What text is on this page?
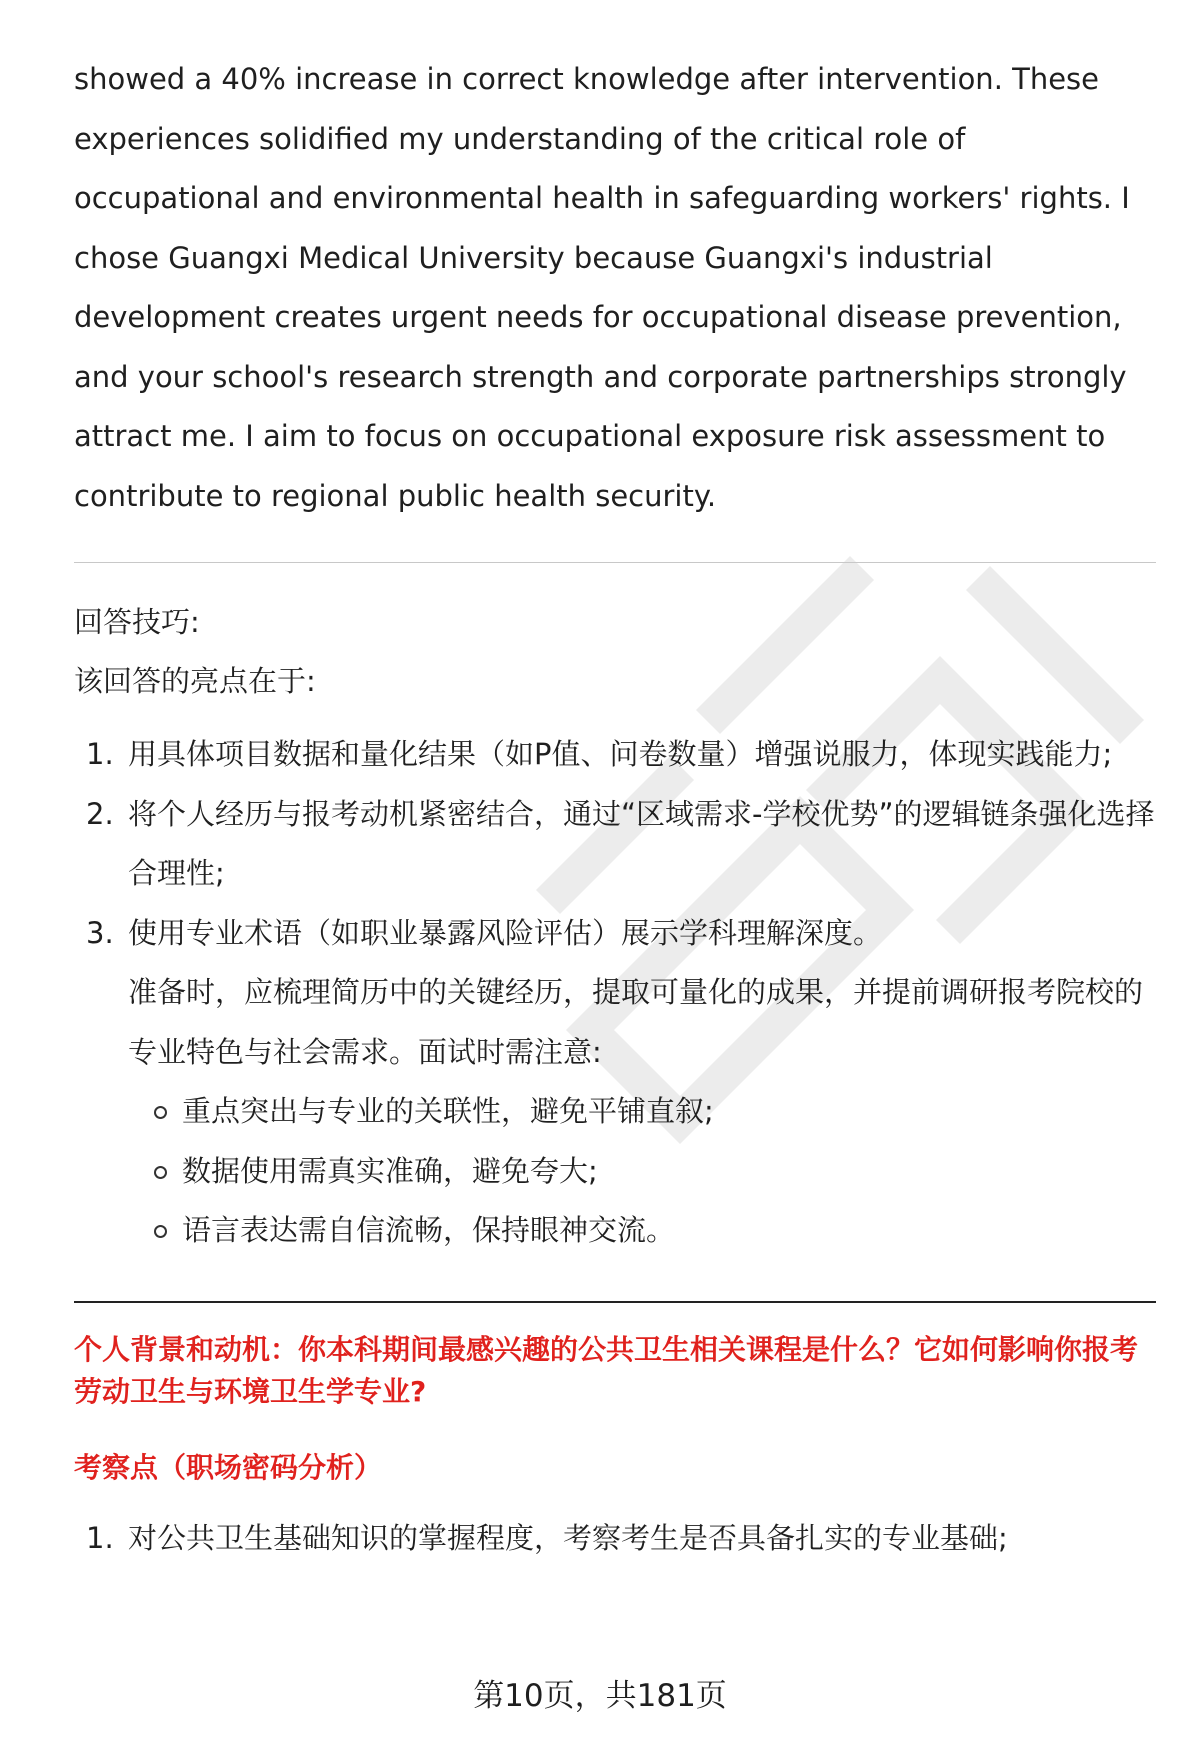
showed a 40% increase in correct knowledge after intervention. These experiences solidified my understanding of the critical role of occupational and environmental health in safeguarding workers' rights. I chose Guangxi Medical University because Guangxi's industrial development creates urgent needs for occupational disease prevention, and your school's research strength and corporate partnerships strongly attract me. I aim to focus on occupational exposure risk assessment to contribute to regional public health security.

回答技巧:

该回答的亮点在于:

1. 用具体项目数据和量化结果（如P值、问卷数量）增强说服力，体现实践能力;
2. 将个人经历与报考动机紧密结合，通过“区域需求-学校优势”的逻辑链条强化选择合理性;
3. 使用专业术语（如职业暴露风险评估）展示学科理解深度。

准备时，应梳理简历中的关键经历，提取可量化的成果，并提前调研报考院校的专业特色与社会需求。面试时需注意:

重点突出与专业的关联性，避免平铺直叙;
数据使用需真实准确，避免夸大;
语言表达需自信流畅，保持眼神交流。

个人背景和动机：你本科期间最感兴趣的公共卫生相关课程是什么？它如何影响你报考劳动卫生与环境卫生学专业?

考察点（职场密码分析）

1. 对公共卫生基础知识的掌握程度，考察考生是否具备扎实的专业基础;
第10页，共181页
